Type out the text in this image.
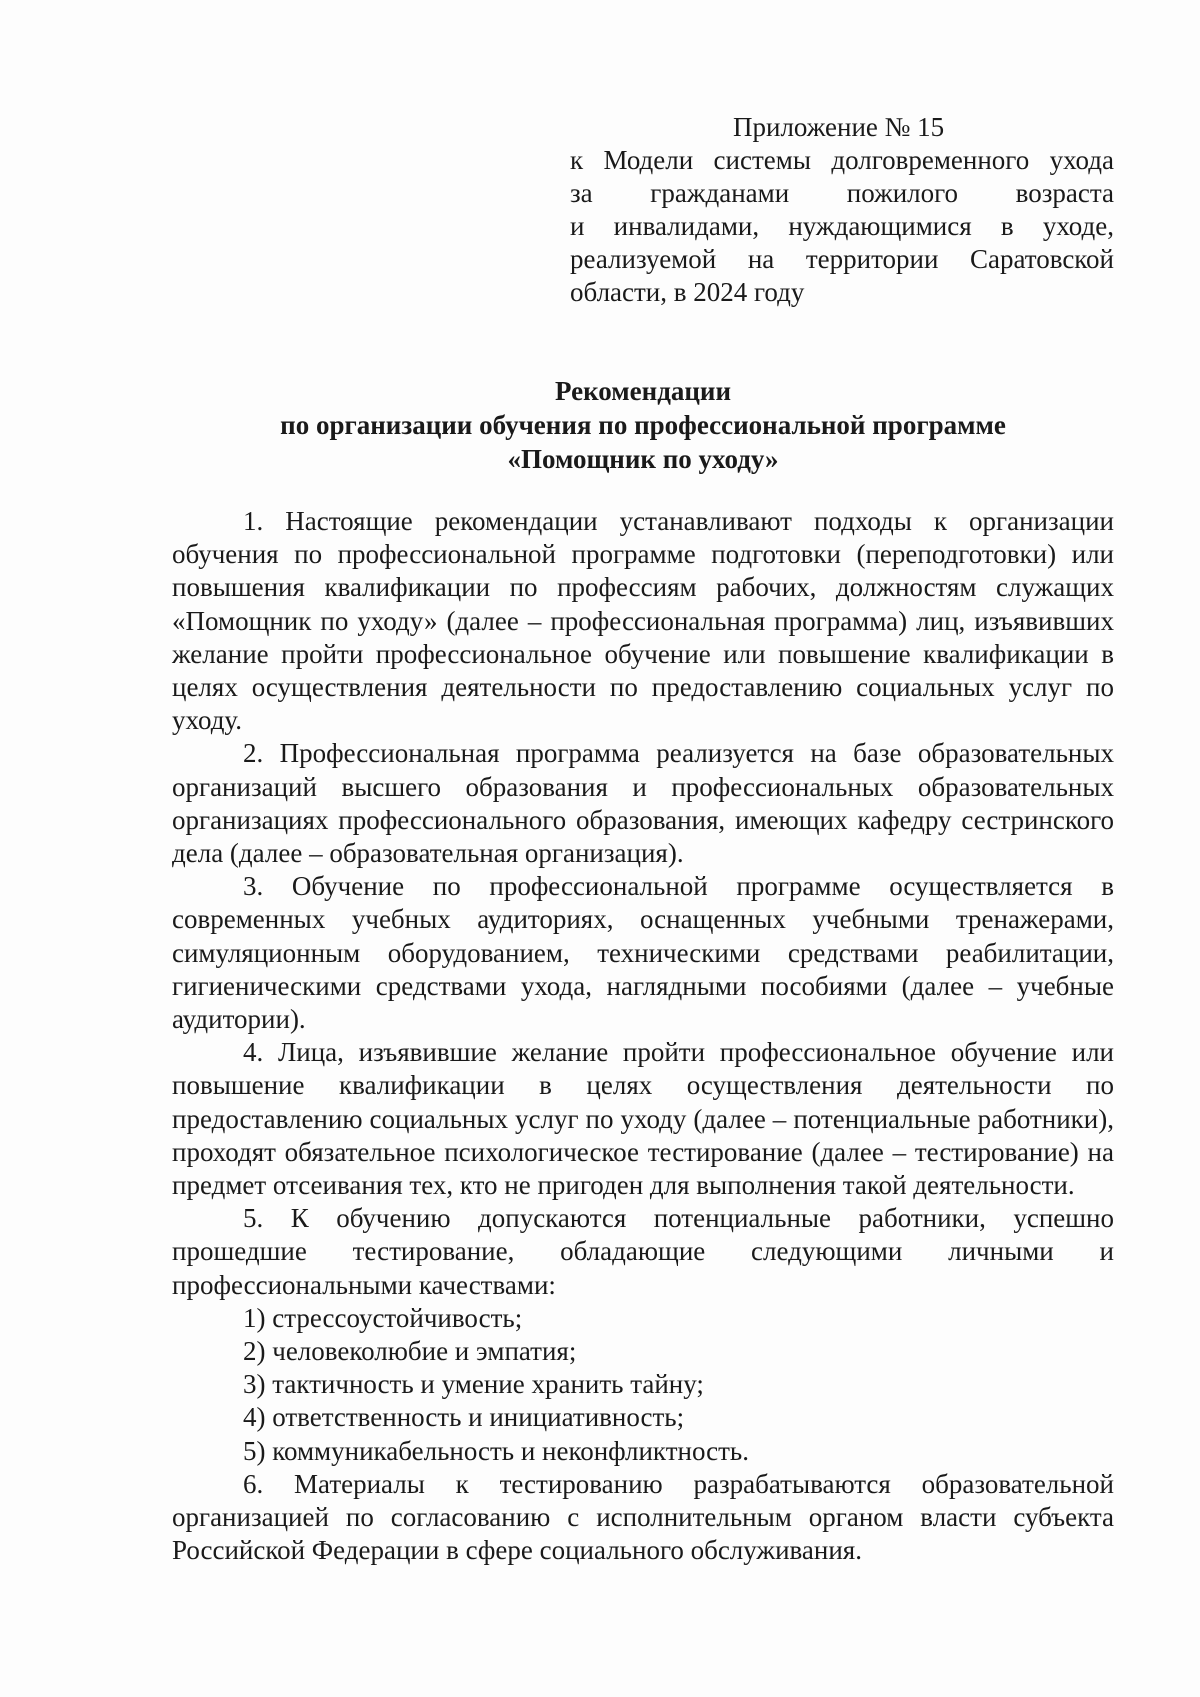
Приложение № 15
к Модели системы долговременного ухода
за гражданами пожилого возраста
и инвалидами, нуждающимися в уходе,
реализуемой на территории Саратовской
области, в 2024 году
Рекомендации
по организации обучения по профессиональной программе
«Помощник по уходу»

1. Настоящие рекомендации устанавливают подходы к организации обучения по профессиональной программе подготовки (переподготовки) или повышения квалификации по профессиям рабочих, должностям служащих «Помощник по уходу» (далее – профессиональная программа) лиц, изъявивших желание пройти профессиональное обучение или повышение квалификации в целях осуществления деятельности по предоставлению социальных услуг по уходу.

2. Профессиональная программа реализуется на базе образовательных организаций высшего образования и профессиональных образовательных организациях профессионального образования, имеющих кафедру сестринского дела (далее – образовательная организация).

3. Обучение по профессиональной программе осуществляется в современных учебных аудиториях, оснащенных учебными тренажерами, симуляционным оборудованием, техническими средствами реабилитации, гигиеническими средствами ухода, наглядными пособиями (далее – учебные аудитории).

4. Лица, изъявившие желание пройти профессиональное обучение или повышение квалификации в целях осуществления деятельности по предоставлению социальных услуг по уходу (далее – потенциальные работники), проходят обязательное психологическое тестирование (далее – тестирование) на предмет отсеивания тех, кто не пригоден для выполнения такой деятельности.

5. К обучению допускаются потенциальные работники, успешно прошедшие тестирование, обладающие следующими личными и профессиональными качествами:

1) стрессоустойчивость;

2) человеколюбие и эмпатия;

3) тактичность и умение хранить тайну;

4) ответственность и инициативность;

5) коммуникабельность и неконфликтность.

6. Материалы к тестированию разрабатываются образовательной организацией по согласованию с исполнительным органом власти субъекта Российской Федерации в сфере социального обслуживания.
